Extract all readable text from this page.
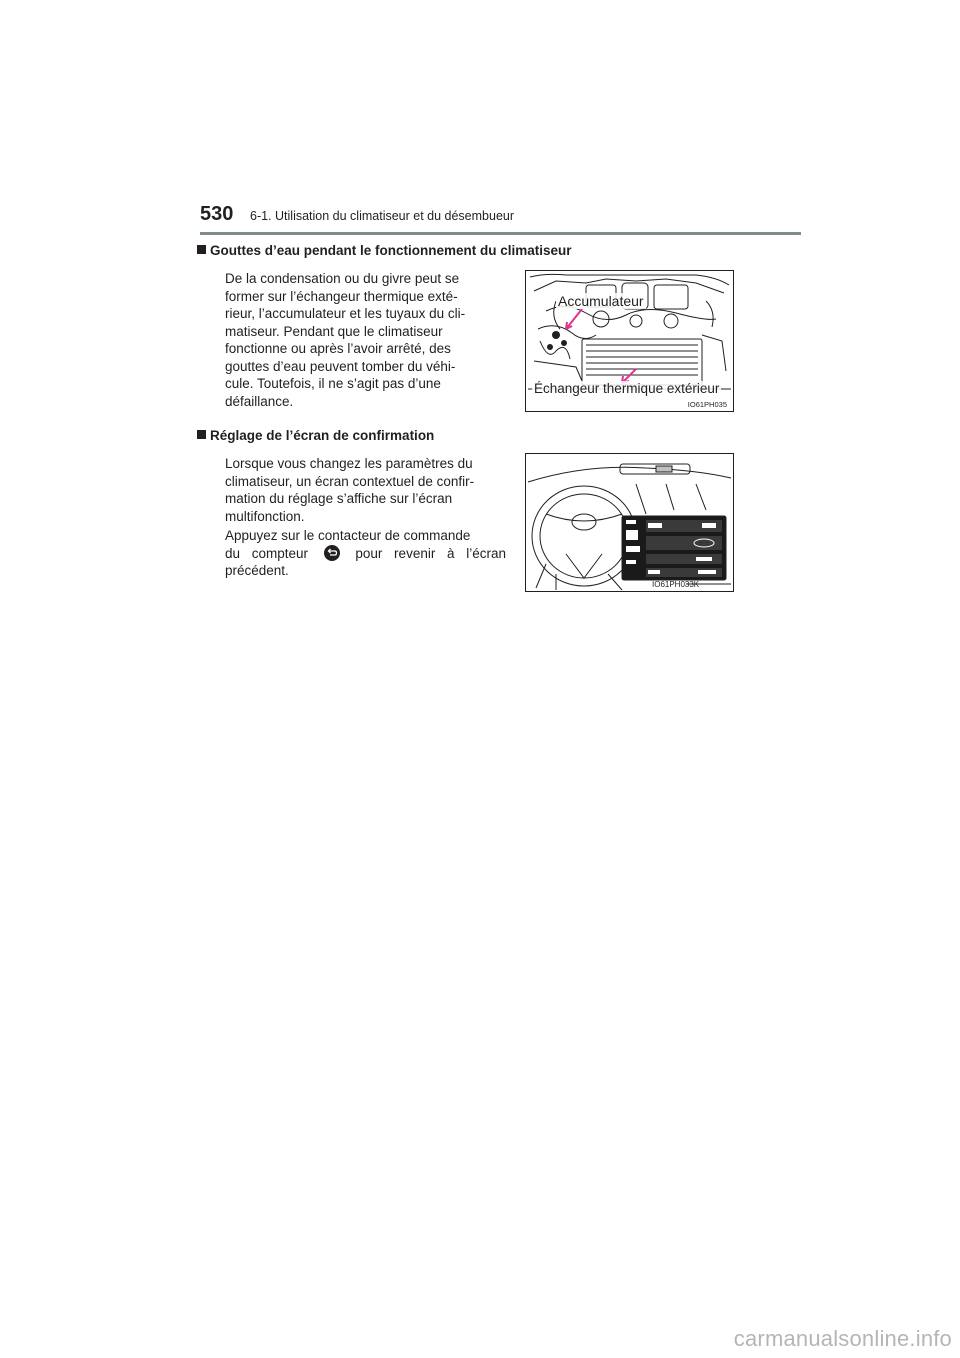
530 6-1. Utilisation du climatiseur et du désembueur
Gouttes d’eau pendant le fonctionnement du climatiseur
De la condensation ou du givre peut se
former sur l’échangeur thermique exté-
rieur, l’accumulateur et les tuyaux du cli-
matiseur. Pendant que le climatiseur
fonctionne ou après l’avoir arrêté, des
gouttes d’eau peuvent tomber du véhi-
cule. Toutefois, il ne s’agit pas d’une
défaillance.
Accumulateur
Échangeur thermique extérieur
IO61PH035
Réglage de l’écran de confirmation
Lorsque vous changez les paramètres du
climatiseur, un écran contextuel de confir-
mation du réglage s’affiche sur l’écran
multifonction.
Appuyez sur le contacteur de commande
du compteur	pour revenir à l’écran
précédent.
IO61PH033K
carmanualsonline.info
